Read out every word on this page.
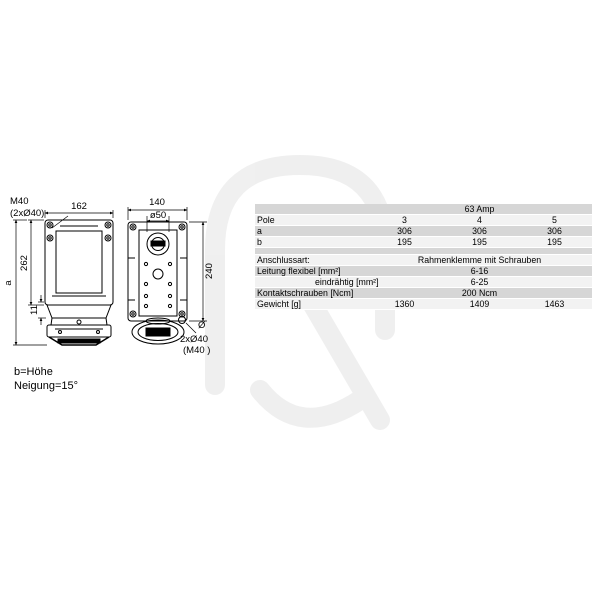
162
M40
(2xØ40)
262
a
11
140
ø50
240
Ø
2xØ40
(M40 )
b=Höhe
Neigung=15°
	63 Amp		
Pole	3	4	5
a	306	306	306
b	195	195	195

Anschlussart:	Rahmenklemme mit Schrauben		
Leitung flexibel [mm²]	6-16		
eindrähtig [mm²]	6-25		
Kontaktschrauben [Ncm]	200 Ncm		
Gewicht [g]	1360	1409	1463
